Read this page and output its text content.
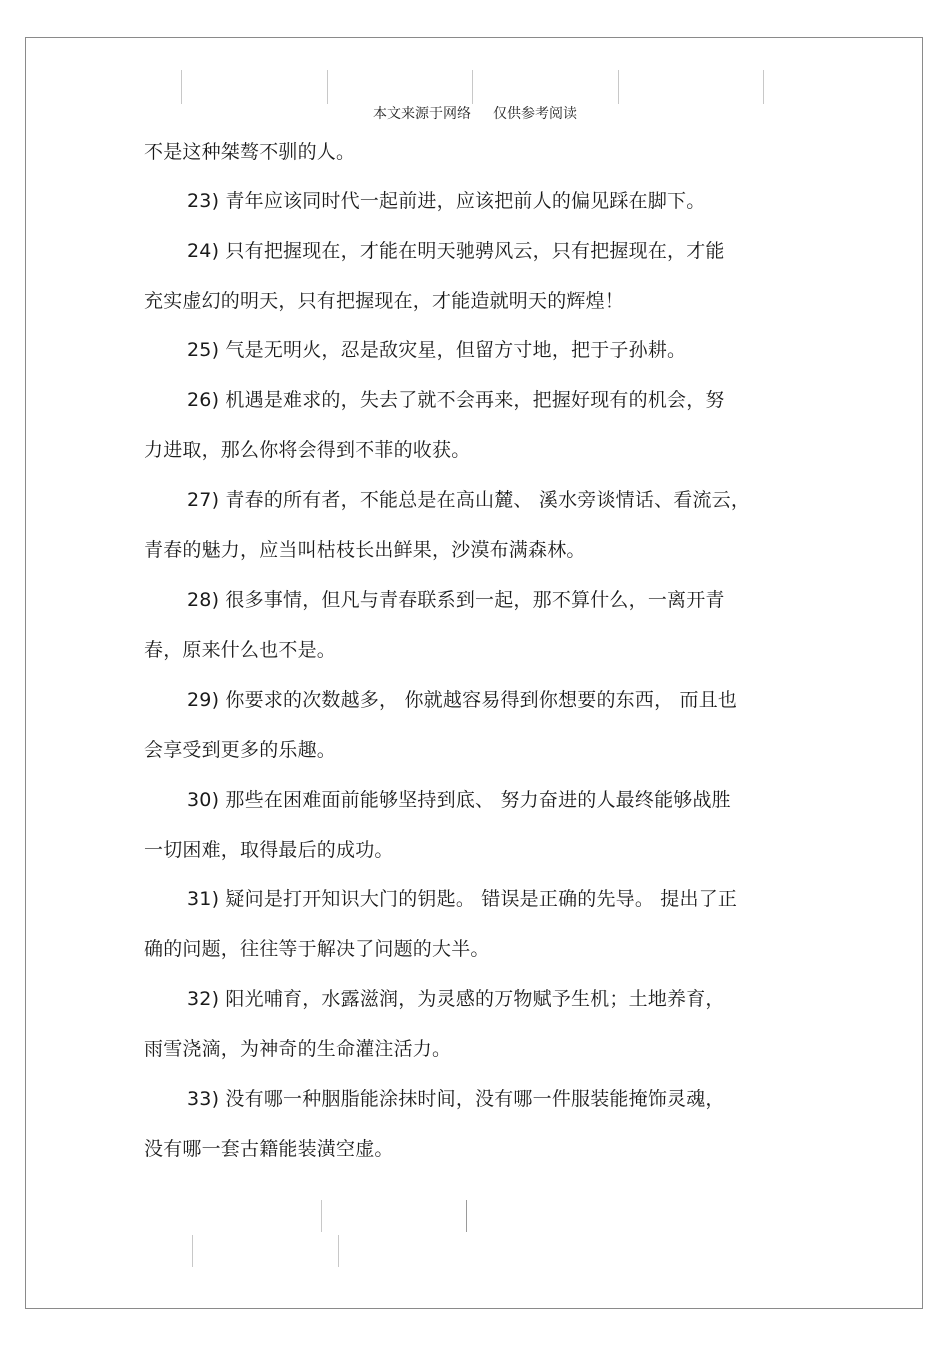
本文来源于网络 仅供参考阅读
不是这种桀骜不驯的人。
23) 青年应该同时代一起前进，应该把前人的偏见踩在脚下。
24) 只有把握现在，才能在明天驰骋风云，只有把握现在，才能
充实虚幻的明天，只有把握现在，才能造就明天的辉煌！
25) 气是无明火，忍是敌灾星，但留方寸地，把于子孙耕。
26) 机遇是难求的，失去了就不会再来，把握好现有的机会，努
力进取，那么你将会得到不菲的收获。
27) 青春的所有者，不能总是在高山麓、 溪水旁谈情话、看流云，
青春的魅力，应当叫枯枝长出鲜果，沙漠布满森林。
28) 很多事情，但凡与青春联系到一起，那不算什么，一离开青
春，原来什么也不是。
29) 你要求的次数越多， 你就越容易得到你想要的东西， 而且也
会享受到更多的乐趣。
30) 那些在困难面前能够坚持到底、 努力奋进的人最终能够战胜
一切困难，取得最后的成功。
31) 疑问是打开知识大门的钥匙。 错误是正确的先导。 提出了正
确的问题，往往等于解决了问题的大半。
32) 阳光哺育，水露滋润，为灵感的万物赋予生机；土地养育，
雨雪浇滴，为神奇的生命灌注活力。
33) 没有哪一种胭脂能涂抹时间，没有哪一件服装能掩饰灵魂，
没有哪一套古籍能装潢空虚。
